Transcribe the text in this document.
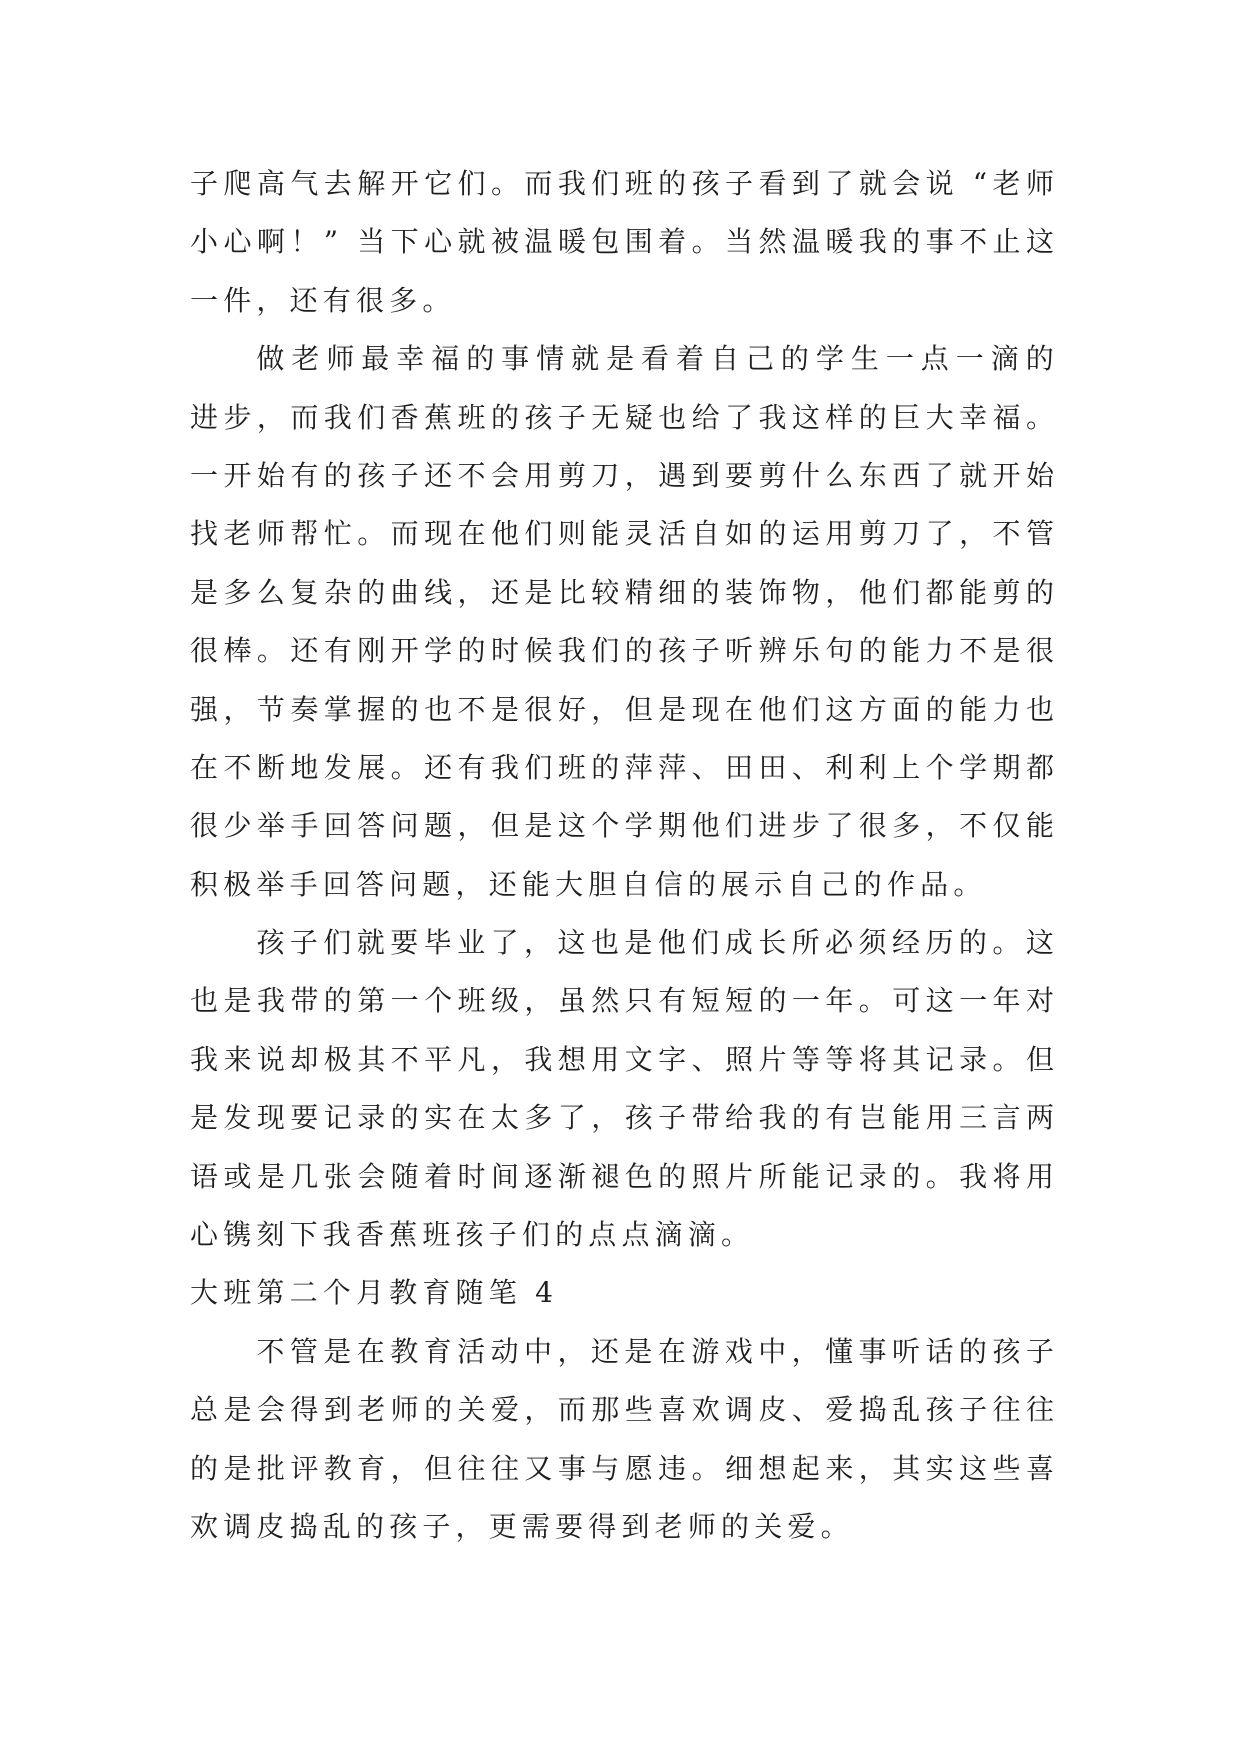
子 爬 高 气 去 解 开 它 们 。 而 我 们 班 的 孩 子 看 到 了 就 会 说 “ 老 师
小 心 啊 ！ ” 当 下 心 就 被 温 暖 包 围 着 。 当 然 温 暖 我 的 事 不 止 这
一 件 ， 还 有 很 多 。
做 老 师 最 幸 福 的 事 情 就 是 看 着 自 己 的 学 生 一 点 一 滴 的
进 步 ， 而 我 们 香 蕉 班 的 孩 子 无 疑 也 给 了 我 这 样 的 巨 大 幸 福 。
一 开 始 有 的 孩 子 还 不 会 用 剪 刀 ， 遇 到 要 剪 什 么 东 西 了 就 开 始
找 老 师 帮 忙 。 而 现 在 他 们 则 能 灵 活 自 如 的 运 用 剪 刀 了 ， 不 管
是 多 么 复 杂 的 曲 线 ， 还 是 比 较 精 细 的 装 饰 物 ， 他 们 都 能 剪 的
很 棒 。 还 有 刚 开 学 的 时 候 我 们 的 孩 子 听 辨 乐 句 的 能 力 不 是 很
强 ， 节 奏 掌 握 的 也 不 是 很 好 ， 但 是 现 在 他 们 这 方 面 的 能 力 也
在 不 断 地 发 展 。 还 有 我 们 班 的 萍 萍 、 田 田 、 利 利 上 个 学 期 都
很 少 举 手 回 答 问 题 ， 但 是 这 个 学 期 他 们 进 步 了 很 多 ， 不 仅 能
积 极 举 手 回 答 问 题 ， 还 能 大 胆 自 信 的 展 示 自 己 的 作 品 。
孩 子 们 就 要 毕 业 了 ， 这 也 是 他 们 成 长 所 必 须 经 历 的 。 这
也 是 我 带 的 第 一 个 班 级 ， 虽 然 只 有 短 短 的 一 年 。 可 这 一 年 对
我 来 说 却 极 其 不 平 凡 ， 我 想 用 文 字 、 照 片 等 等 将 其 记 录 。 但
是 发 现 要 记 录 的 实 在 太 多 了 ， 孩 子 带 给 我 的 有 岂 能 用 三 言 两
语 或 是 几 张 会 随 着 时 间 逐 渐 褪 色 的 照 片 所 能 记 录 的 。 我 将 用
心 镌 刻 下 我 香 蕉 班 孩 子 们 的 点 点 滴 滴 。
大 班 第 二 个 月 教 育 随 笔
4
不 管 是 在 教 育 活 动 中 ， 还 是 在 游 戏 中 ， 懂 事 听 话 的 孩 子
总 是 会 得 到 老 师 的 关 爱 ， 而 那 些 喜 欢 调 皮 、 爱 捣 乱 孩 子 往 往
的 是 批 评 教 育 ， 但 往 往 又 事 与 愿 违 。 细 想 起 来 ， 其 实 这 些 喜
欢 调 皮 捣 乱 的 孩 子 ， 更 需 要 得 到 老 师 的 关 爱 。
